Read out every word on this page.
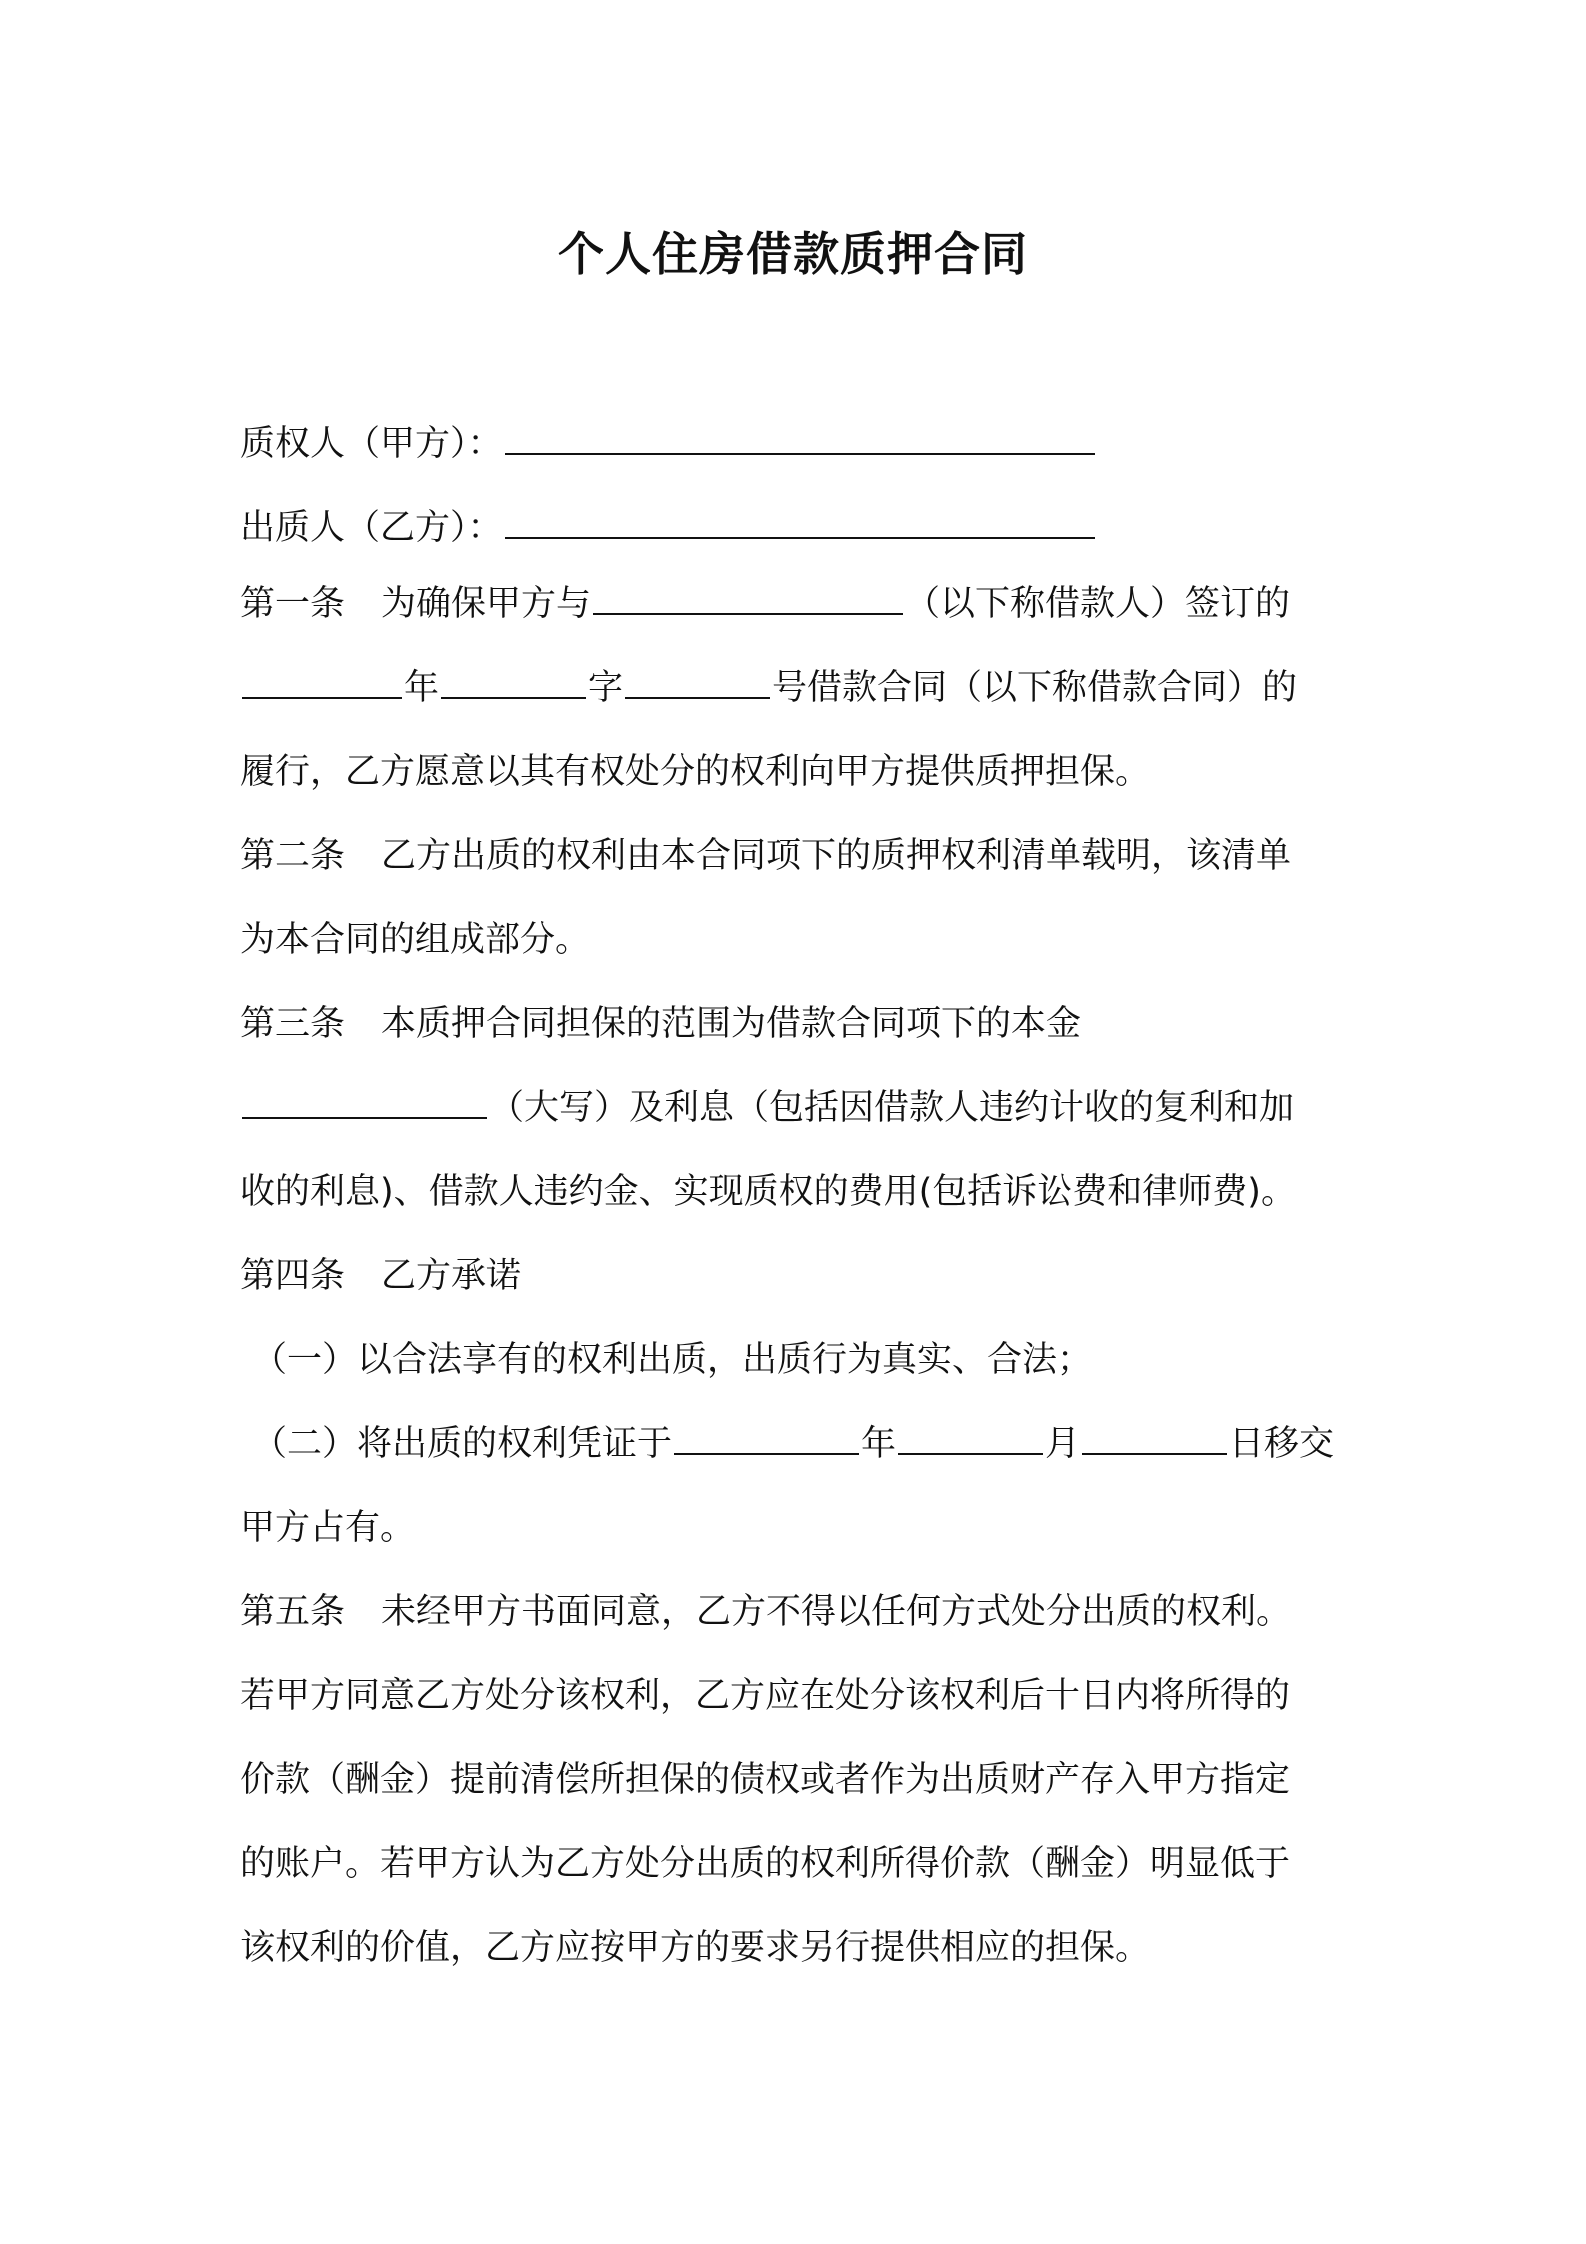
个人住房借款质押合同
质权人（甲方）：
出质人（乙方）：
第一条 为确保甲方与	（以下称借款人）签订的
年	字	号借款合同（以下称借款合同）的
履行，乙方愿意以其有权处分的权利向甲方提供质押担保。
第二条 乙方出质的权利由本合同项下的质押权利清单载明，该清单
为本合同的组成部分。
第三条 本质押合同担保的范围为借款合同项下的本金
（大写）及利息（包括因借款人违约计收的复利和加
收的利息)、借款人违约金、实现质权的费用(包括诉讼费和律师费)。
第四条 乙方承诺
（一）以合法享有的权利出质，出质行为真实、合法；
（二）将出质的权利凭证于	年	月	日移交
甲方占有。
第五条 未经甲方书面同意，乙方不得以任何方式处分出质的权利。
若甲方同意乙方处分该权利，乙方应在处分该权利后十日内将所得的
价款（酬金）提前清偿所担保的债权或者作为出质财产存入甲方指定
的账户。若甲方认为乙方处分出质的权利所得价款（酬金）明显低于
该权利的价值，乙方应按甲方的要求另行提供相应的担保。
